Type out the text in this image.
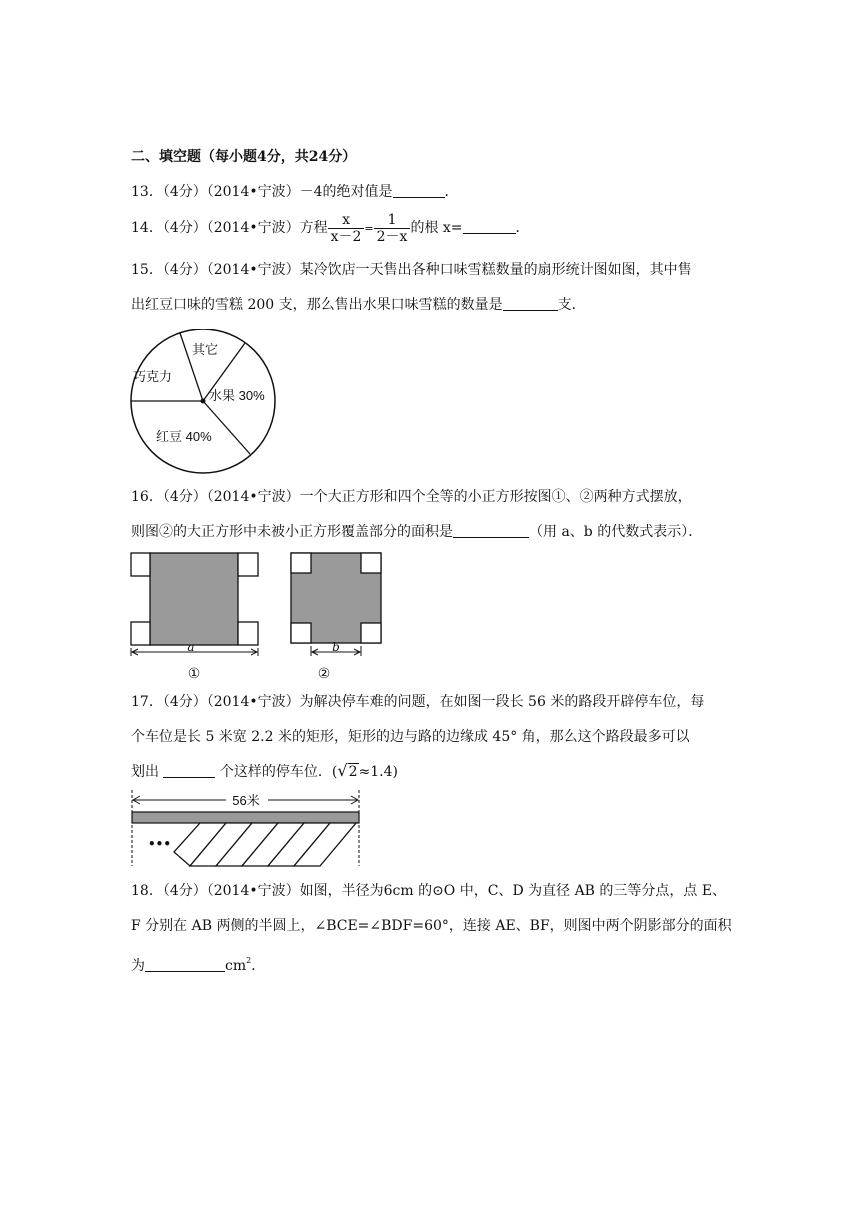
二、填空题（每小题4分，共24分）
13．（4分）（2014•宁波）－4的绝对值是	．
14．（4分）（2014•宁波）方程 $\frac{x}{x-2} = \frac{1}{2-x}$ 的根 x=	．
15．（4分）（2014•宁波）某冷饮店一天售出各种口味雪糕数量的扇形统计图如图，其中售
出红豆口味的雪糕 200 支，那么售出水果口味雪糕的数量是	支．
其它
巧克力
水果 30%
红豆 40%
16．（4分）（2014•宁波）一个大正方形和四个全等的小正方形按图①、②两种方式摆放，
则图②的大正方形中未被小正方形覆盖部分的面积是	（用 a、b 的代数式表示）．
a
①
b
②
17．（4分）（2014•宁波）为解决停车难的问题，在如图一段长 56 米的路段开辟停车位，每
个车位是长 5 米宽 2.2 米的矩形，矩形的边与路的边缘成 45° 角，那么这个路段最多可以
划出	个这样的停车位．(√2≈1.4)
56米
•••
18．（4分）（2014•宁波）如图，半径为6cm 的⊙O 中，C、D 为直径 AB 的三等分点，点 E、
F 分别在 AB 两侧的半圆上，∠BCE=∠BDF=60°，连接 AE、BF，则图中两个阴影部分的面积
为	$cm^2$．
